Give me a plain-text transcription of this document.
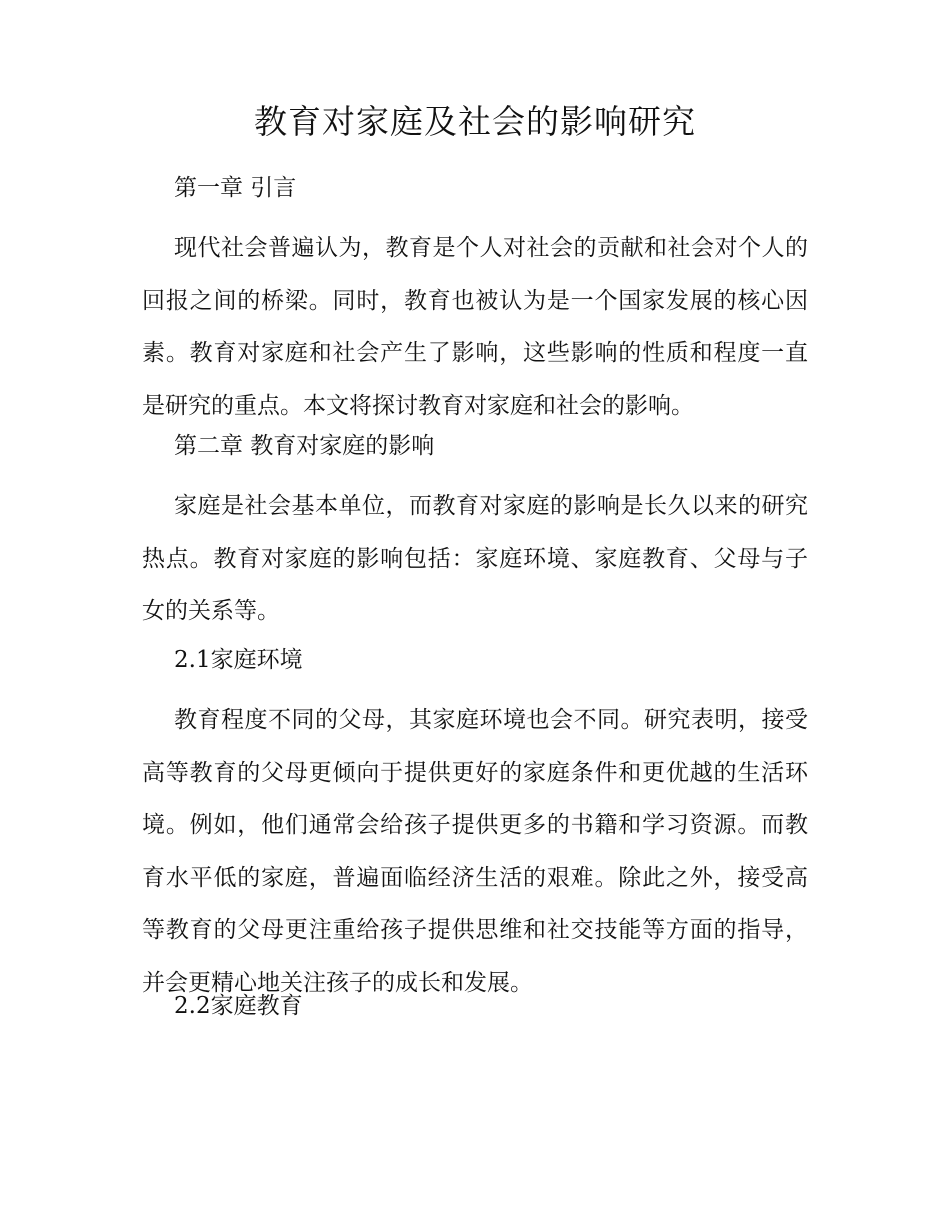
教育对家庭及社会的影响研究
第一章 引言

现代社会普遍认为，教育是个人对社会的贡献和社会对个人的回报之间的桥梁。同时，教育也被认为是一个国家发展的核心因素。教育对家庭和社会产生了影响，这些影响的性质和程度一直是研究的重点。本文将探讨教育对家庭和社会的影响。

第二章 教育对家庭的影响

家庭是社会基本单位，而教育对家庭的影响是长久以来的研究热点。教育对家庭的影响包括：家庭环境、家庭教育、父母与子女的关系等。

2.1家庭环境

教育程度不同的父母，其家庭环境也会不同。研究表明，接受高等教育的父母更倾向于提供更好的家庭条件和更优越的生活环境。例如，他们通常会给孩子提供更多的书籍和学习资源。而教育水平低的家庭，普遍面临经济生活的艰难。除此之外，接受高等教育的父母更注重给孩子提供思维和社交技能等方面的指导，并会更精心地关注孩子的成长和发展。

2.2家庭教育
